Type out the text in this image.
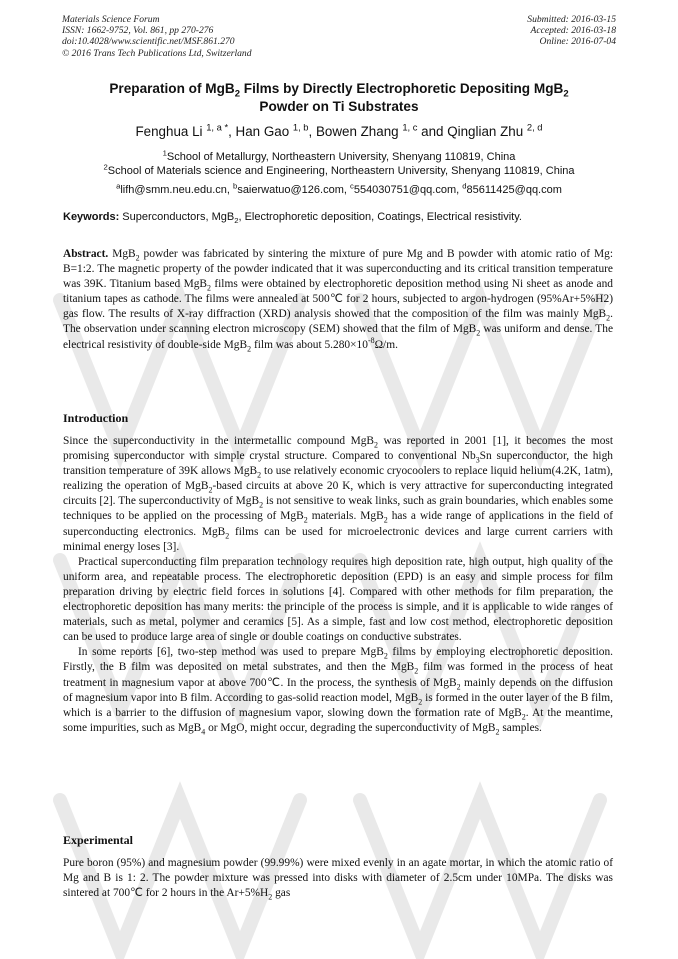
Materials Science Forum
ISSN: 1662-9752, Vol. 861, pp 270-276
doi:10.4028/www.scientific.net/MSF.861.270
© 2016 Trans Tech Publications Ltd, Switzerland
Submitted: 2016-03-15
Accepted: 2016-03-18
Online: 2016-07-04
Preparation of MgB$_2$ Films by Directly Electrophoretic Depositing MgB$_2$
Powder on Ti Substrates
Fenghua Li $^{1, a *}$, Han Gao $^{1, b}$, Bowen Zhang $^{1, c}$ and Qinglian Zhu $^{2, d}$
$^1$School of Metallurgy, Northeastern University, Shenyang 110819, China
$^2$School of Materials science and Engineering, Northeastern University, Shenyang 110819, China
$^a$lifh@smm.neu.edu.cn, $^b$saierwatuo@126.com, $^c$554030751@qq.com, $^d$85611425@qq.com
Keywords: Superconductors, MgB$_2$, Electrophoretic deposition, Coatings, Electrical resistivity.

Abstract. MgB$_2$ powder was fabricated by sintering the mixture of pure Mg and B powder with atomic ratio of Mg: B=1:2. The magnetic property of the powder indicated that it was superconducting and its critical transition temperature was 39K. Titanium based MgB$_2$ films were obtained by electrophoretic deposition method using Ni sheet as anode and titanium tapes as cathode. The films were annealed at 500℃ for 2 hours, subjected to argon-hydrogen (95%Ar+5%H2) gas flow. The results of X-ray diffraction (XRD) analysis showed that the composition of the film was mainly MgB$_2$. The observation under scanning electron microscopy (SEM) showed that the film of MgB$_2$ was uniform and dense. The electrical resistivity of double-side MgB$_2$ film was about $5.280\times 10^{-8}\Omega/m$.

Introduction

Since the superconductivity in the intermetallic compound MgB$_2$ was reported in 2001 [1], it becomes the most promising superconductor with simple crystal structure. Compared to conventional $Nb_3Sn$ superconductor, the high transition temperature of 39K allows MgB$_2$ to use relatively economic cryocoolers to replace liquid helium(4.2K, 1atm), realizing the operation of MgB$_2$-based circuits at above 20 K, which is very attractive for superconducting integrated circuits [2]. The superconductivity of MgB$_2$ is not sensitive to weak links, such as grain boundaries, which enables some techniques to be applied on the processing of MgB$_2$ materials. MgB$_2$ has a wide range of applications in the field of superconducting electronics. MgB$_2$ films can be used for microelectronic devices and large current carriers with minimal energy loses [3].

Practical superconducting film preparation technology requires high deposition rate, high output, high quality of the uniform area, and repeatable process. The electrophoretic deposition (EPD) is an easy and simple process for film preparation driving by electric field forces in solutions [4]. Compared with other methods for film preparation, the electrophoretic deposition has many merits: the principle of the process is simple, and it is applicable to wide ranges of materials, such as metal, polymer and ceramics [5]. As a simple, fast and low cost method, electrophoretic deposition can be used to produce large area of single or double coatings on conductive substrates.

In some reports [6], two-step method was used to prepare MgB$_2$ films by employing electrophoretic deposition. Firstly, the B film was deposited on metal substrates, and then the MgB$_2$ film was formed in the process of heat treatment in magnesium vapor at above 700℃. In the process, the synthesis of MgB$_2$ mainly depends on the diffusion of magnesium vapor into B film. According to gas-solid reaction model, MgB$_2$ is formed in the outer layer of the B film, which is a barrier to the diffusion of magnesium vapor, slowing down the formation rate of MgB$_2$. At the meantime, some impurities, such as MgB$_4$ or MgO, might occur, degrading the superconductivity of MgB$_2$ samples.

Experimental

Pure boron (95%) and magnesium powder (99.99%) were mixed evenly in an agate mortar, in which the atomic ratio of Mg and B is 1: 2. The powder mixture was pressed into disks with diameter of 2.5cm under 10MPa. The disks was sintered at 700℃ for 2 hours in the $Ar+5\%H_2$ gas
